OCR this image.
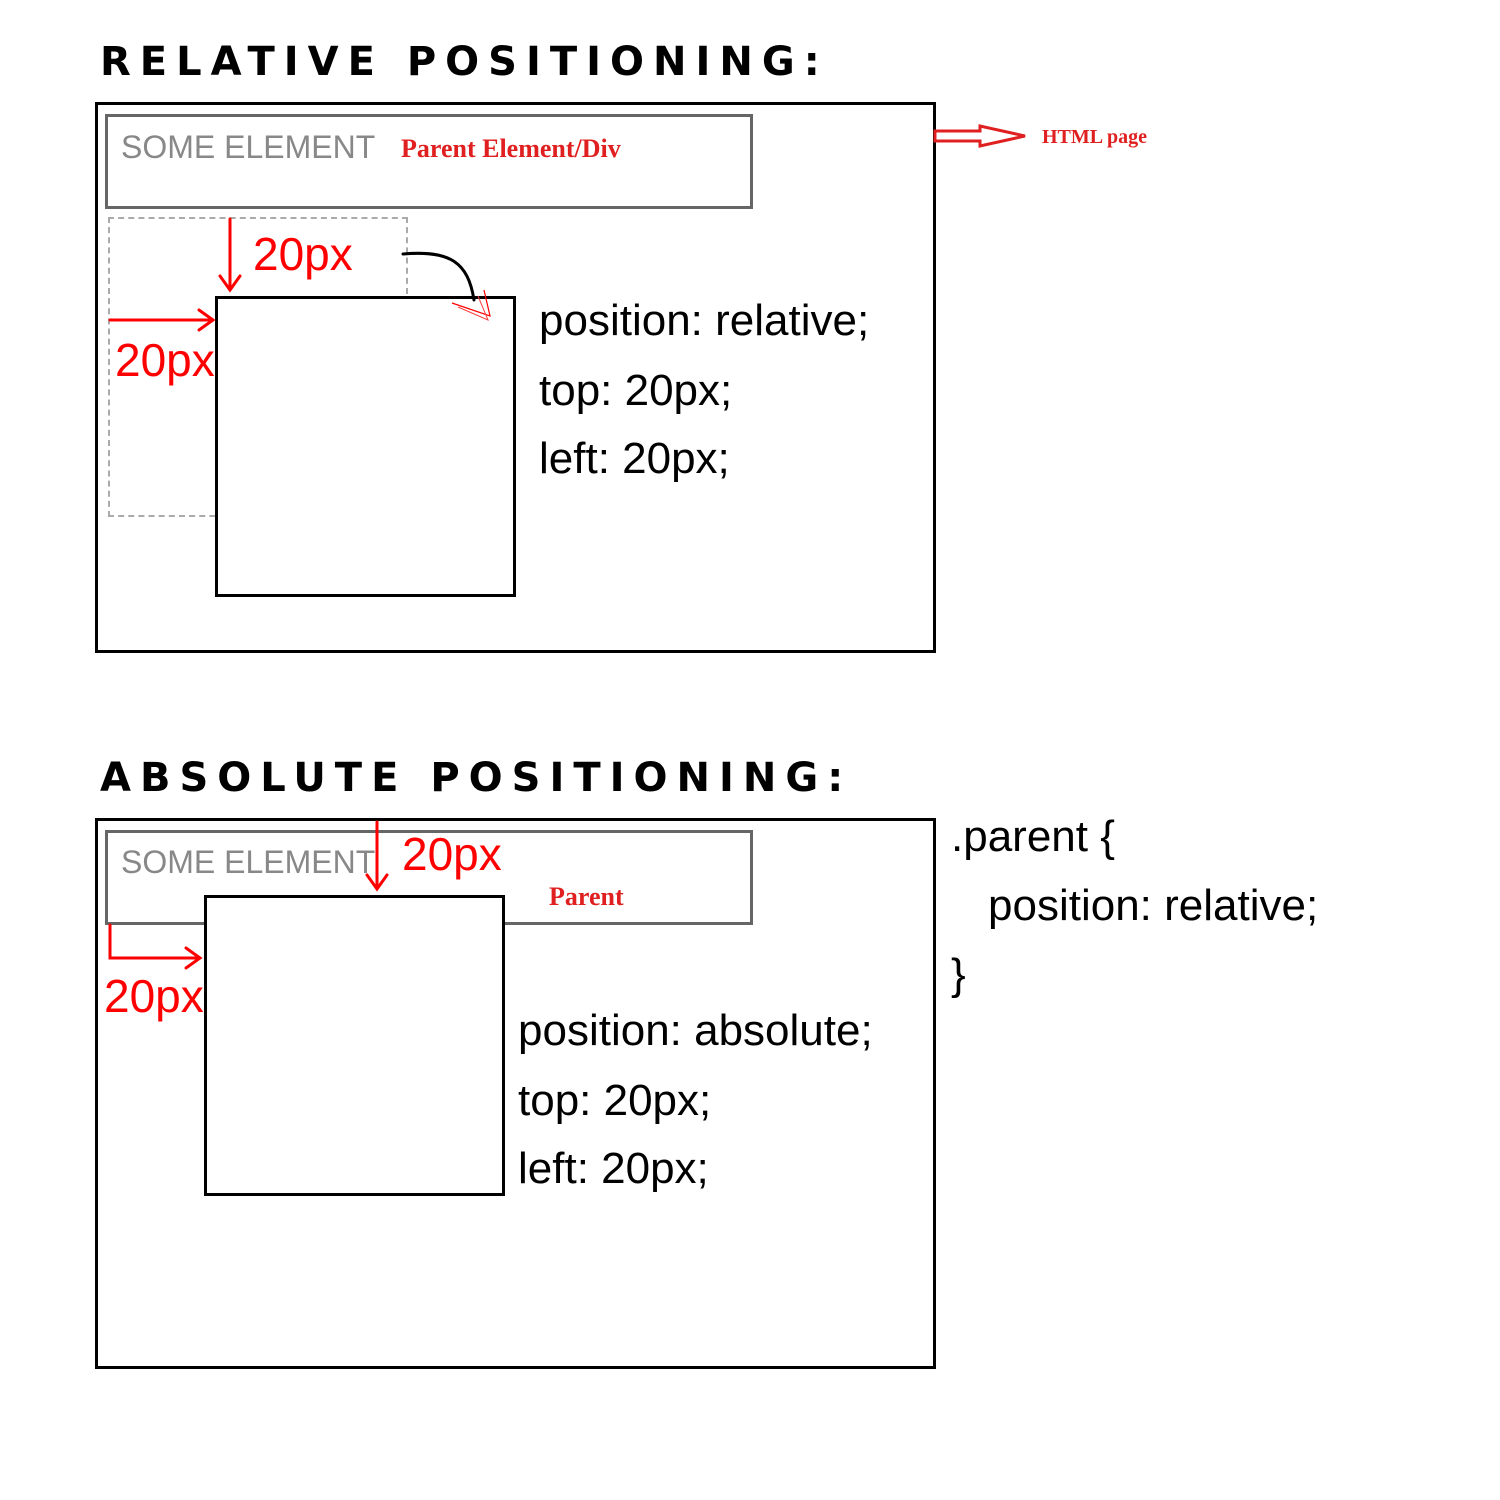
RELATIVE POSITIONING:
SOME ELEMENT Parent Element/Div	HTML page
20px
20px
position: relative;
top: 20px;
left: 20px;
ABSOLUTE POSITIONING:
SOME ELEMENT
Parent
20px
20px
position: absolute;
top: 20px;
left: 20px;
.parent {
position: relative;
}
